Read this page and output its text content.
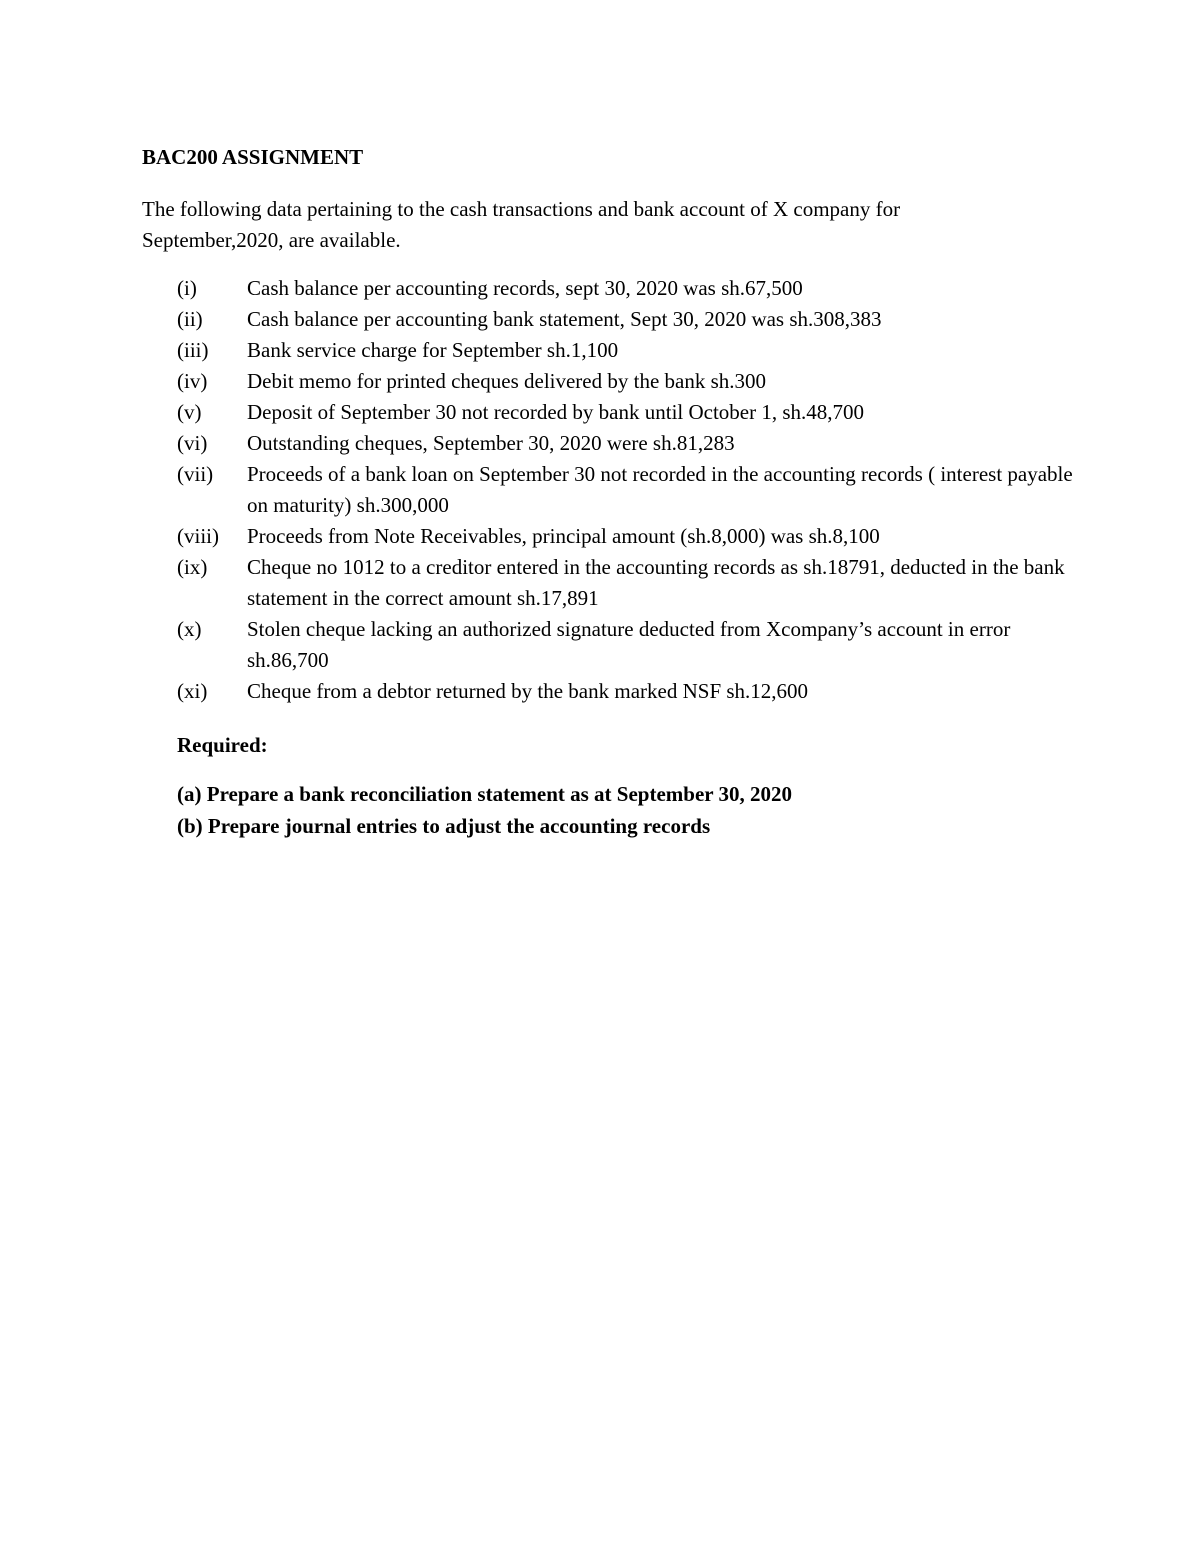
BAC200 ASSIGNMENT
The following data pertaining to the cash transactions and bank account of X company for September,2020, are available.
(i)	Cash balance per accounting records, sept 30, 2020 was sh.67,500
(ii)	Cash balance per accounting bank statement, Sept 30, 2020 was sh.308,383
(iii)	Bank service charge for September sh.1,100
(iv)	Debit memo for printed cheques delivered by the bank sh.300
(v)	Deposit of September 30 not recorded by bank until October 1, sh.48,700
(vi)	Outstanding cheques, September 30, 2020 were sh.81,283
(vii)	Proceeds of a bank loan on September 30 not recorded in the accounting records ( interest payable on maturity) sh.300,000
(viii)	Proceeds from Note Receivables, principal amount (sh.8,000) was sh.8,100
(ix)	Cheque no 1012 to a creditor entered in the accounting records as sh.18791, deducted in the bank statement in the correct amount sh.17,891
(x)	Stolen cheque lacking an authorized signature deducted from Xcompany’s account in error sh.86,700
(xi)	Cheque from a debtor returned by the bank marked NSF sh.12,600
Required:
(a) Prepare a bank reconciliation statement as at September 30, 2020
(b) Prepare journal entries to adjust the accounting records
